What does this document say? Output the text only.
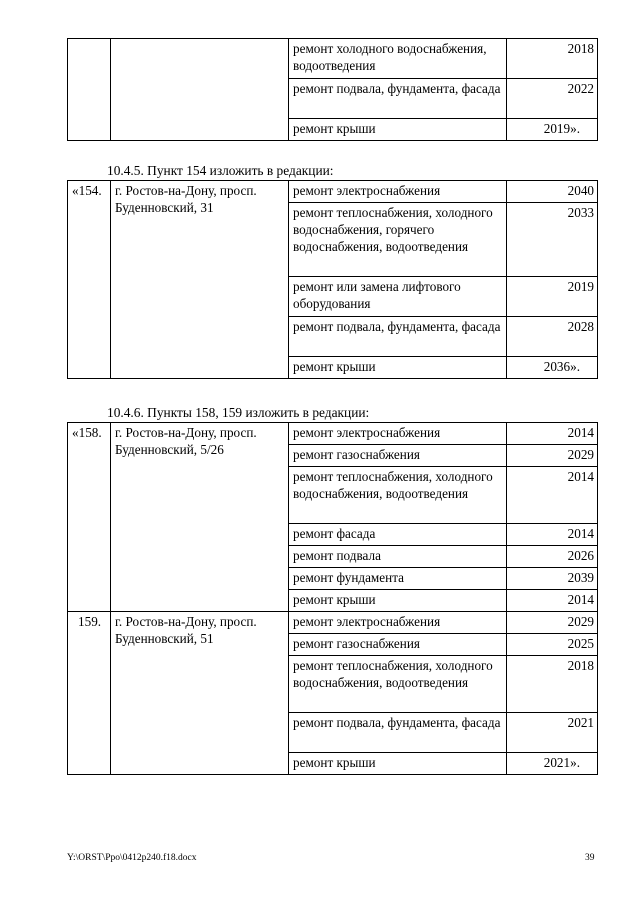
		ремонт холодного водоснабжения, водоотведения	2018
		ремонт подвала, фундамента, фасада	2022
		ремонт крыши	2019».
10.4.5. Пункт 154 изложить в редакции:
«154.	г. Ростов-на-Дону, просп. Буденновский, 31	ремонт электроснабжения	2040
		ремонт теплоснабжения, холодного водоснабжения, горячего водоснабжения, водоотведения	2033
		ремонт или замена лифтового оборудования	2019
		ремонт подвала, фундамента, фасада	2028
		ремонт крыши	2036».
10.4.6. Пункты 158, 159 изложить в редакции:
«158.	г. Ростов-на-Дону, просп. Буденновский, 5/26	ремонт электроснабжения	2014
		ремонт газоснабжения	2029
		ремонт теплоснабжения, холодного водоснабжения, водоотведения	2014
		ремонт фасада	2014
		ремонт подвала	2026
		ремонт фундамента	2039
		ремонт крыши	2014
159.	г. Ростов-на-Дону, просп. Буденновский, 51	ремонт электроснабжения	2029
		ремонт газоснабжения	2025
		ремонт теплоснабжения, холодного водоснабжения, водоотведения	2018
		ремонт подвала, фундамента, фасада	2021
		ремонт крыши	2021».
Y:\ORST\Ppo\0412p240.f18.docx	39
